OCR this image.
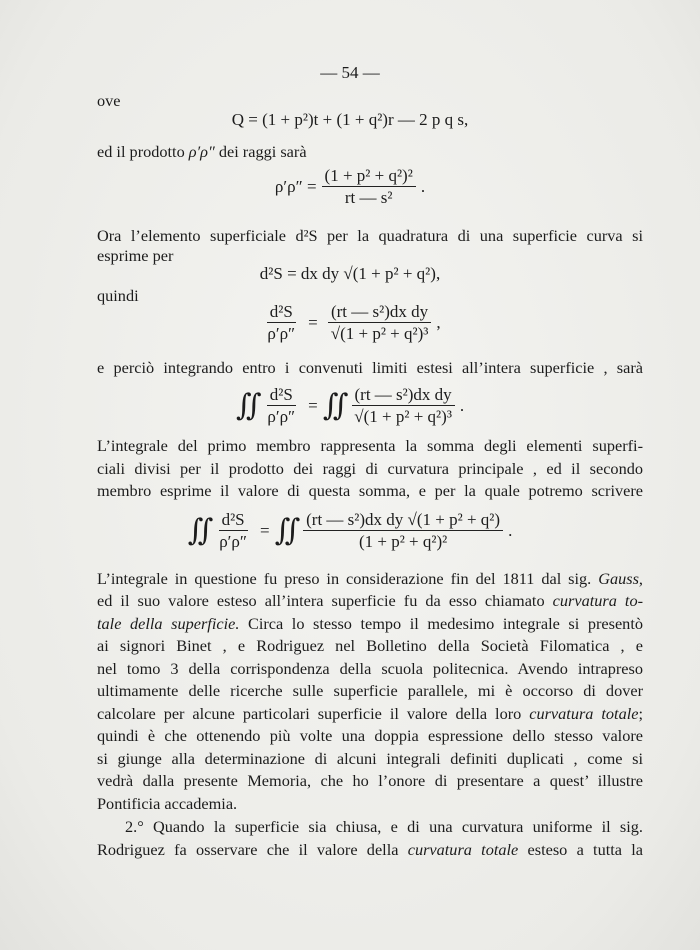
— 54 —
ove
Q = (1 + p²)t + (1 + q²)r — 2 p q s,
ed il prodotto ρ′ρ″ dei raggi sarà
$\rho'\rho'' = \frac{\text{(1 + p² + q²)²}}{\text{rt — s²}}$ .
Ora l’elemento superficiale d²S per la quadratura di una superficie curva si
esprime per
d²S = dx dy √(1 + p² + q²),
quindi
$\frac{\text{d²S}}{\rho'\rho''} = \frac{\text{(rt — s²)dx dy}}{\text{√(1 + p² + q²)³}}$ ,
e perciò integrando entro i convenuti limiti estesi all’intera superficie , sarà
∬ $\frac{\text{d²S}}{\rho'\rho''}$ = ∬ $\frac{\text{(rt — s²)dx dy}}{\text{√(1 + p² + q²)³}}$ .
L’integrale del primo membro rappresenta la somma degli elementi superfi-
ciali divisi per il prodotto dei raggi di curvatura principale , ed il secondo
membro esprime il valore di questa somma, e per la quale potremo scrivere
∬ $\frac{\text{d²S}}{\rho'\rho''}$ = ∬ $\frac{\text{(rt — s²)dx dy √(1 + p² + q²)}}{\text{(1 + p² + q²)²}}$ .
L’integrale in questione fu preso in considerazione fin del 1811 dal sig. Gauss,
ed il suo valore esteso all’intera superficie fu da esso chiamato curvatura to-
tale della superficie. Circa lo stesso tempo il medesimo integrale si presentò
ai signori Binet , e Rodriguez nel Bolletino della Società Filomatica , e
nel tomo 3 della corrispondenza della scuola politecnica. Avendo intrapreso
ultimamente delle ricerche sulle superficie parallele, mi è occorso di dover
calcolare per alcune particolari superficie il valore della loro curvatura totale;
quindi è che ottenendo più volte una doppia espressione dello stesso valore
si giunge alla determinazione di alcuni integrali definiti duplicati , come si
vedrà dalla presente Memoria, che ho l’onore di presentare a quest’ illustre
Pontificia accademia.
2.° Quando la superficie sia chiusa, e di una curvatura uniforme il sig.
Rodriguez fa osservare che il valore della curvatura totale esteso a tutta la
